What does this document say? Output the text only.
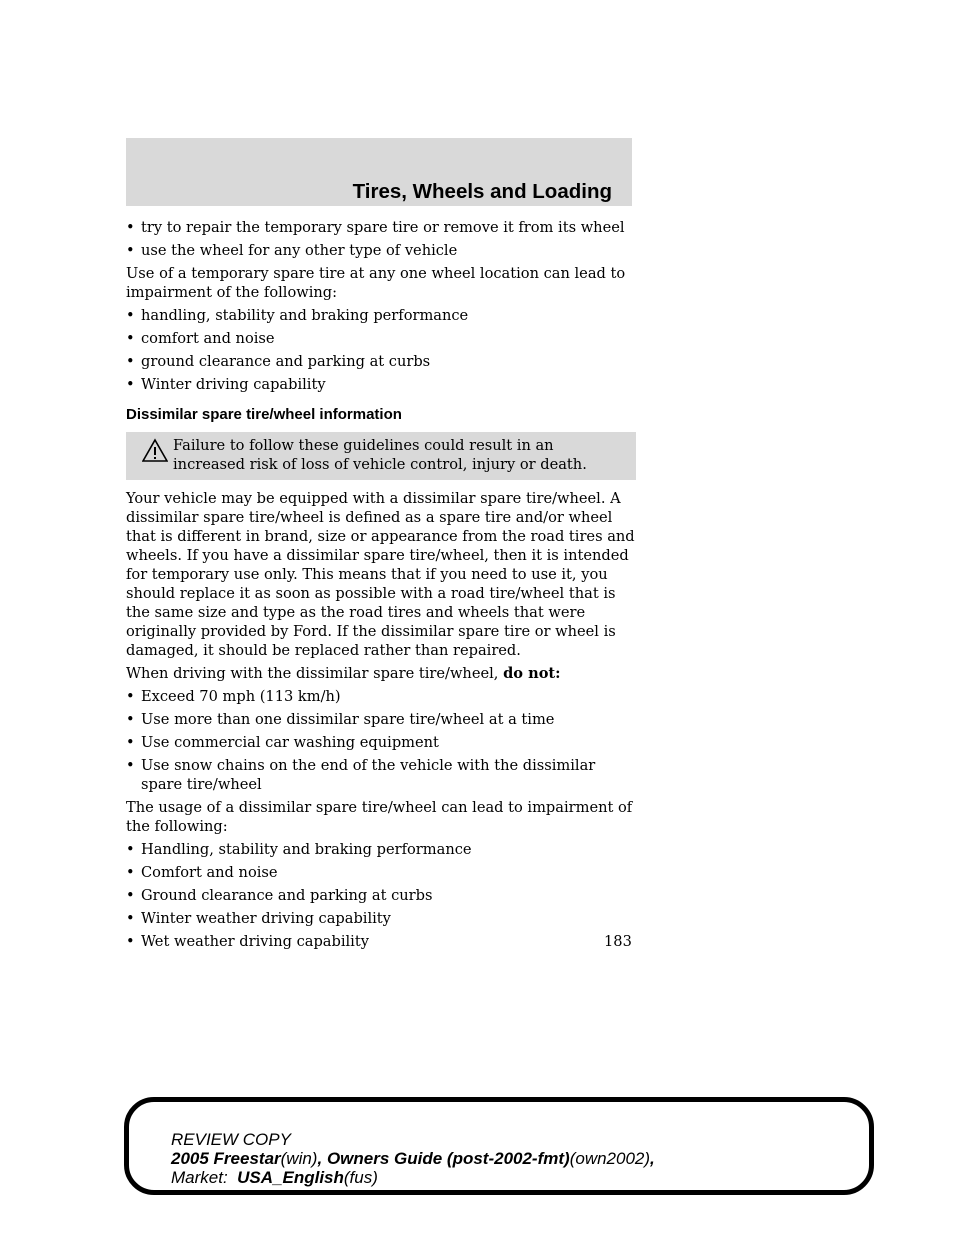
Tires, Wheels and Loading
• try to repair the temporary spare tire or remove it from its wheel
• use the wheel for any other type of vehicle

Use of a temporary spare tire at any one wheel location can lead to impairment of the following:

• handling, stability and braking performance
• comfort and noise
• ground clearance and parking at curbs
• Winter driving capability
Dissimilar spare tire/wheel information
Failure to follow these guidelines could result in an increased risk of loss of vehicle control, injury or death.

Your vehicle may be equipped with a dissimilar spare tire/wheel. A dissimilar spare tire/wheel is defined as a spare tire and/or wheel that is different in brand, size or appearance from the road tires and wheels. If you have a dissimilar spare tire/wheel, then it is intended for temporary use only. This means that if you need to use it, you should replace it as soon as possible with a road tire/wheel that is the same size and type as the road tires and wheels that were originally provided by Ford. If the dissimilar spare tire or wheel is damaged, it should be replaced rather than repaired.

When driving with the dissimilar spare tire/wheel, do not:

• Exceed 70 mph (113 km/h)
• Use more than one dissimilar spare tire/wheel at a time
• Use commercial car washing equipment
• Use snow chains on the end of the vehicle with the dissimilar spare tire/wheel

The usage of a dissimilar spare tire/wheel can lead to impairment of the following:

• Handling, stability and braking performance
• Comfort and noise
• Ground clearance and parking at curbs
• Winter weather driving capability
• Wet weather driving capability	183
REVIEW COPY
2005 Freestar(win), Owners Guide (post-2002-fmt)(own2002),
Market: USA_English(fus)
